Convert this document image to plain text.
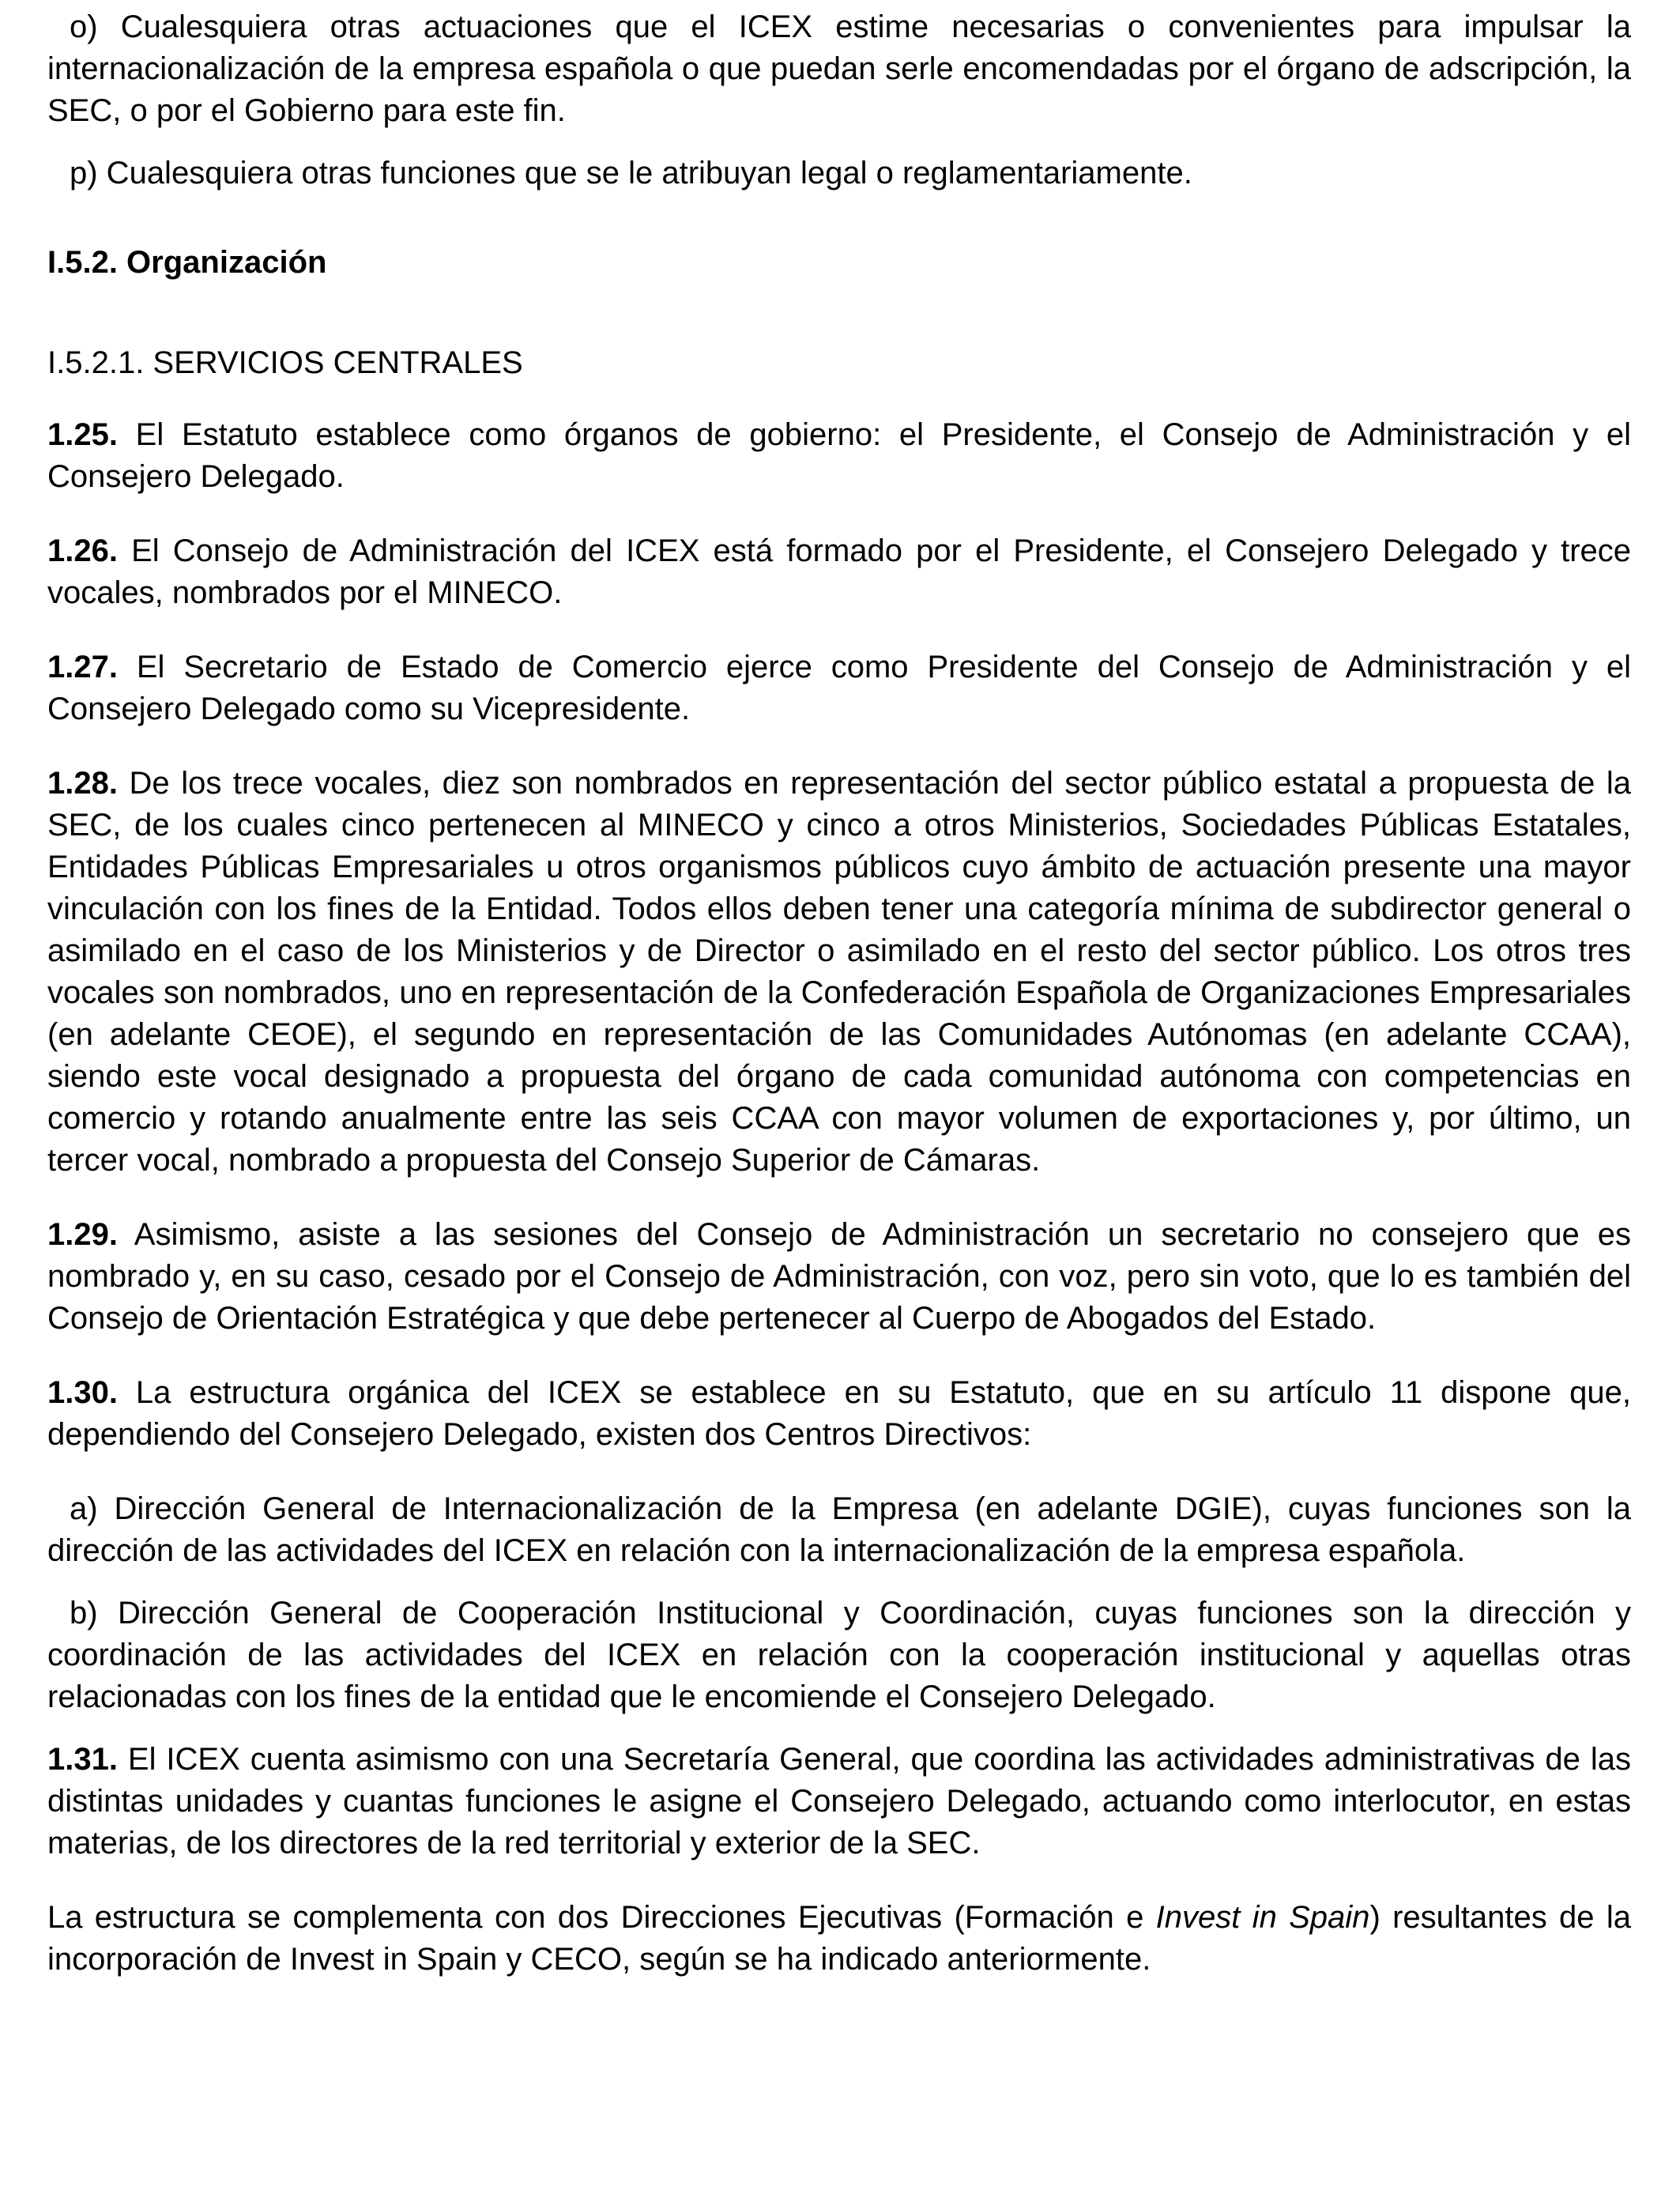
o) Cualesquiera otras actuaciones que el ICEX estime necesarias o convenientes para impulsar la internacionalización de la empresa española o que puedan serle encomendadas por el órgano de adscripción, la SEC, o por el Gobierno para este fin.

p) Cualesquiera otras funciones que se le atribuyan legal o reglamentariamente.

I.5.2. Organización

I.5.2.1. SERVICIOS CENTRALES

1.25. El Estatuto establece como órganos de gobierno: el Presidente, el Consejo de Administración y el Consejero Delegado.

1.26. El Consejo de Administración del ICEX está formado por el Presidente, el Consejero Delegado y trece vocales, nombrados por el MINECO.

1.27. El Secretario de Estado de Comercio ejerce como Presidente del Consejo de Administración y el Consejero Delegado como su Vicepresidente.

1.28. De los trece vocales, diez son nombrados en representación del sector público estatal a propuesta de la SEC, de los cuales cinco pertenecen al MINECO y cinco a otros Ministerios, Sociedades Públicas Estatales, Entidades Públicas Empresariales u otros organismos públicos cuyo ámbito de actuación presente una mayor vinculación con los fines de la Entidad. Todos ellos deben tener una categoría mínima de subdirector general o asimilado en el caso de los Ministerios y de Director o asimilado en el resto del sector público. Los otros tres vocales son nombrados, uno en representación de la Confederación Española de Organizaciones Empresariales (en adelante CEOE), el segundo en representación de las Comunidades Autónomas (en adelante CCAA), siendo este vocal designado a propuesta del órgano de cada comunidad autónoma con competencias en comercio y rotando anualmente entre las seis CCAA con mayor volumen de exportaciones y, por último, un tercer vocal, nombrado a propuesta del Consejo Superior de Cámaras.

1.29. Asimismo, asiste a las sesiones del Consejo de Administración un secretario no consejero que es nombrado y, en su caso, cesado por el Consejo de Administración, con voz, pero sin voto, que lo es también del Consejo de Orientación Estratégica y que debe pertenecer al Cuerpo de Abogados del Estado.

1.30. La estructura orgánica del ICEX se establece en su Estatuto, que en su artículo 11 dispone que, dependiendo del Consejero Delegado, existen dos Centros Directivos:

a) Dirección General de Internacionalización de la Empresa (en adelante DGIE), cuyas funciones son la dirección de las actividades del ICEX en relación con la internacionalización de la empresa española.

b) Dirección General de Cooperación Institucional y Coordinación, cuyas funciones son la dirección y coordinación de las actividades del ICEX en relación con la cooperación institucional y aquellas otras relacionadas con los fines de la entidad que le encomiende el Consejero Delegado.

1.31. El ICEX cuenta asimismo con una Secretaría General, que coordina las actividades administrativas de las distintas unidades y cuantas funciones le asigne el Consejero Delegado, actuando como interlocutor, en estas materias, de los directores de la red territorial y exterior de la SEC.

La estructura se complementa con dos Direcciones Ejecutivas (Formación e Invest in Spain) resultantes de la incorporación de Invest in Spain y CECO, según se ha indicado anteriormente.
